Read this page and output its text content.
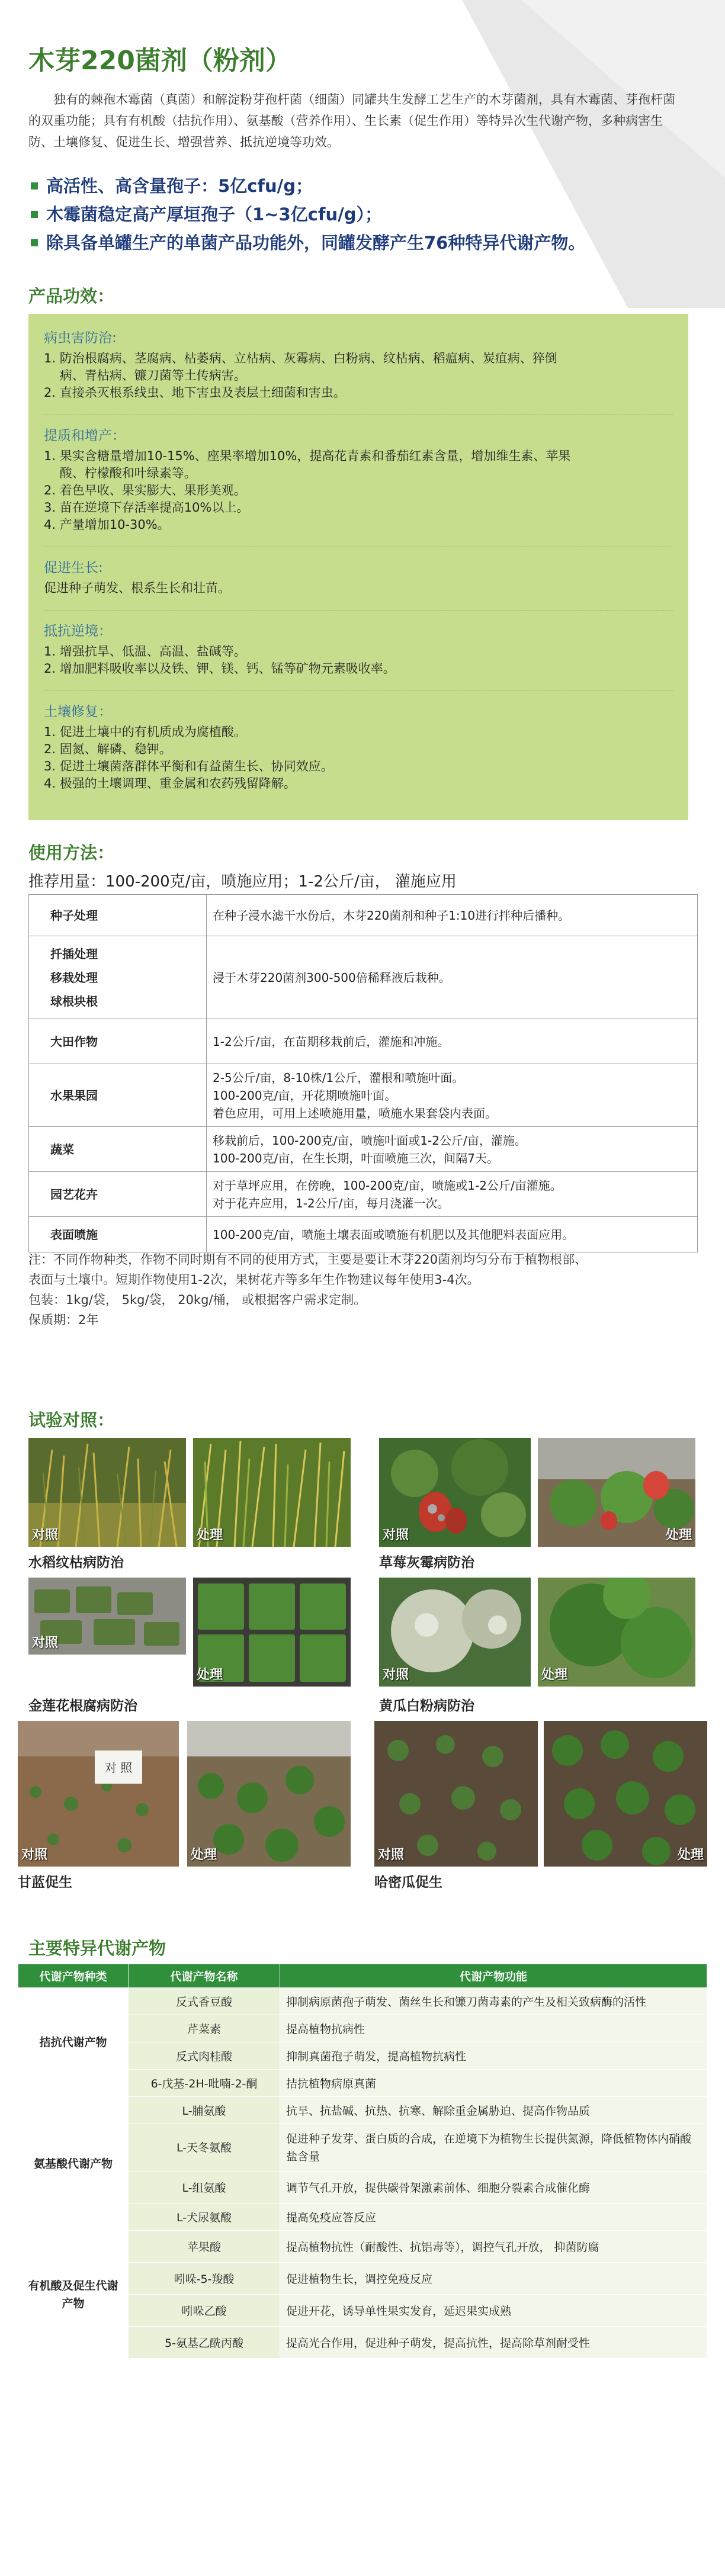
木芽220菌剂（粉剂）
独有的棘孢木霉菌（真菌）和解淀粉芽孢杆菌（细菌）同罐共生发酵工艺生产的木芽菌剂，具有木霉菌、芽孢杆菌的双重功能；具有有机酸（拮抗作用）、氨基酸（营养作用）、生长素（促生作用）等特异次生代谢产物，多种病害生防、土壤修复、促进生长、增强营养、抵抗逆境等功效。
高活性、高含量孢子：5亿cfu/g；
木霉菌稳定高产厚垣孢子（1~3亿cfu/g）；
除具备单罐生产的单菌产品功能外，同罐发酵产生76种特异代谢产物。
产品功效：
病虫害防治:
1. 防治根腐病、茎腐病、枯萎病、立枯病、灰霉病、白粉病、纹枯病、稻瘟病、炭疽病、猝倒
病、青枯病、镰刀菌等土传病害。
2. 直接杀灭根系线虫、地下害虫及表层土细菌和害虫。
提质和增产：
1. 果实含糖量增加10-15%、座果率增加10%，提高花青素和番茄红素含量，增加维生素、苹果
酸、柠檬酸和叶绿素等。
2. 着色早收、果实膨大、果形美观。
3. 苗在逆境下存活率提高10%以上。
4. 产量增加10-30%。
促进生长:
促进种子萌发、根系生长和壮苗。
抵抗逆境：
1. 增强抗旱、低温、高温、盐碱等。
2. 增加肥料吸收率以及铁、钾、镁、钙、锰等矿物元素吸收率。
土壤修复：
1. 促进土壤中的有机质成为腐植酸。
2. 固氮、解磷、稳钾。
3. 促进土壤菌落群体平衡和有益菌生长、协同效应。
4. 极强的土壤调理、重金属和农药残留降解。
使用方法：
推荐用量：100-200克/亩，喷施应用；1-2公斤/亩， 灌施应用
种子处理	在种子浸水滤干水份后，木芽220菌剂和种子1:10进行拌种后播种。

扦插处理
移栽处理
球根块根	浸于木芽220菌剂300-500倍稀释液后栽种。

大田作物	1-2公斤/亩，在苗期移栽前后，灌施和冲施。

水果果园	2-5公斤/亩，8-10株/1公斤，灌根和喷施叶面。
100-200克/亩，开花期喷施叶面。
着色应用，可用上述喷施用量，喷施水果套袋内表面。

蔬菜	移栽前后，100-200克/亩，喷施叶面或1-2公斤/亩，灌施。
100-200克/亩，在生长期，叶面喷施三次，间隔7天。

园艺花卉	对于草坪应用，在傍晚，100-200克/亩，喷施或1-2公斤/亩灌施。
对于花卉应用，1-2公斤/亩，每月浇灌一次。

表面喷施	100-200克/亩，喷施土壤表面或喷施有机肥以及其他肥料表面应用。
注：不同作物种类，作物不同时期有不同的使用方式，主要是要让木芽220菌剂均匀分布于植物根部、
表面与土壤中。短期作物使用1-2次，果树花卉等多年生作物建议每年使用3-4次。
包装：1kg/袋， 5kg/袋， 20kg/桶， 或根据客户需求定制。
保质期：2年
试验对照：
对照	处理
水稻纹枯病防治
对照	处理
草莓灰霉病防治
对照
处理
金莲花根腐病防治
对照	处理
黄瓜白粉病防治
对 照
对照	处理
甘蓝促生
对照	处理
哈密瓜促生
主要特异代谢产物
代谢产物种类	代谢产物名称	代谢产物功能
拮抗代谢产物	反式香豆酸	抑制病原菌孢子萌发、菌丝生长和镰刀菌毒素的产生及相关致病酶的活性
	芹菜素	提高植物抗病性
	反式肉桂酸	抑制真菌孢子萌发，提高植物抗病性
	6-戊基-2H-吡喃-2-酮	拮抗植物病原真菌
氨基酸代谢产物	L-脯氨酸	抗旱、抗盐碱、抗热、抗寒、解除重金属胁迫、提高作物品质
	L-天冬氨酸	促进种子发芽、蛋白质的合成，在逆境下为植物生长提供氮源，降低植物体内硝酸盐含量
	L-组氨酸	调节气孔开放，提供碳骨架激素前体、细胞分裂素合成催化酶
	L-犬尿氨酸	提高免疫应答反应
有机酸及促生代谢产物	苹果酸	提高植物抗性（耐酸性、抗铝毒等），调控气孔开放， 抑菌防腐
	吲哚-5-羧酸	促进植物生长，调控免疫反应
	吲哚乙酸	促进开花，诱导单性果实发育，延迟果实成熟
	5-氨基乙酰丙酸	提高光合作用，促进种子萌发，提高抗性，提高除草剂耐受性
